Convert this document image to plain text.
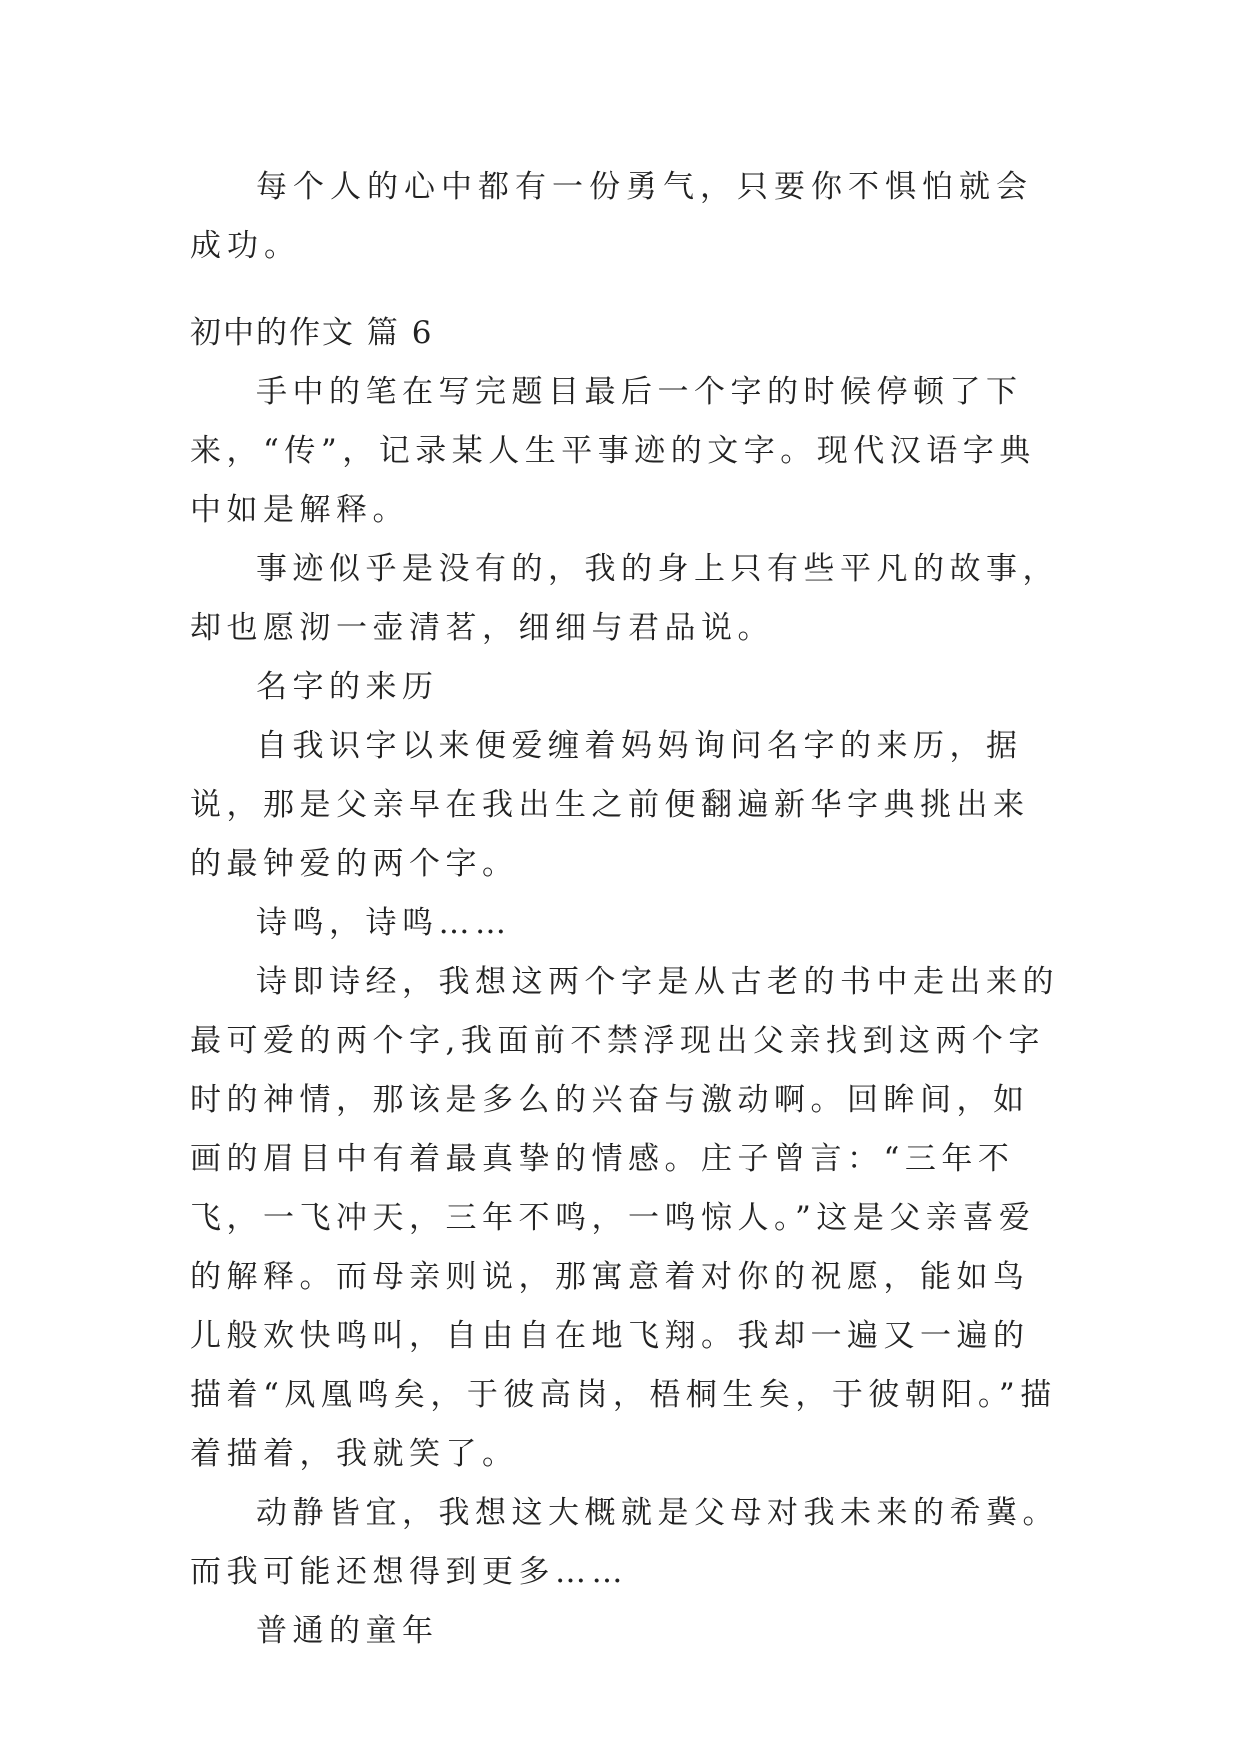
每个人的心中都有一份勇气，只要你不惧怕就会成功。

初中的作文 篇 6

手中的笔在写完题目最后一个字的时候停顿了下来，“传”，记录某人生平事迹的文字。现代汉语字典中如是解释。

事迹似乎是没有的，我的身上只有些平凡的故事，却也愿沏一壶清茗，细细与君品说。

名字的来历

自我识字以来便爱缠着妈妈询问名字的来历，据说，那是父亲早在我出生之前便翻遍新华字典挑出来的最钟爱的两个字。

诗鸣，诗鸣……

诗即诗经，我想这两个字是从古老的书中走出来的最可爱的两个字,我面前不禁浮现出父亲找到这两个字时的神情，那该是多么的兴奋与激动啊。回眸间，如画的眉目中有着最真挚的情感。庄子曾言：“三年不飞，一飞冲天，三年不鸣，一鸣惊人。”这是父亲喜爱的解释。而母亲则说，那寓意着对你的祝愿，能如鸟儿般欢快鸣叫，自由自在地飞翔。我却一遍又一遍的描着“凤凰鸣矣，于彼高岗，梧桐生矣，于彼朝阳。”描着描着，我就笑了。

动静皆宜，我想这大概就是父母对我未来的希冀。而我可能还想得到更多……

普通的童年
